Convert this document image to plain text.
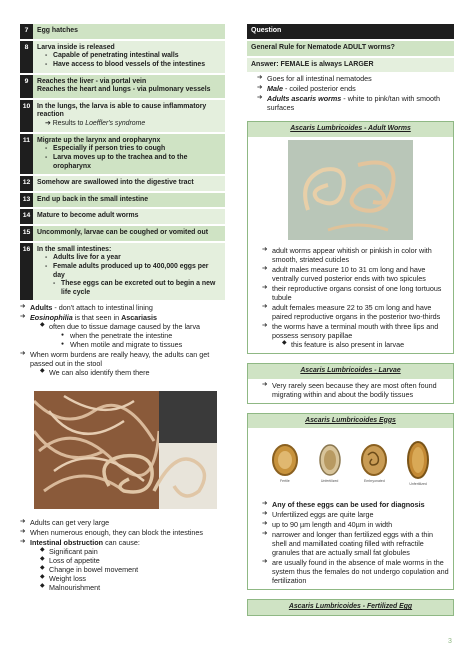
7	Egg hatches
8	Larva inside is released
- Capable of penetrating intestinal walls
- Have access to blood vessels of the intestines
9	Reaches the liver - via portal vein
Reaches the heart and lungs - via pulmonary vessels
10 In the lungs, the larva is able to cause inflammatory reaction
➔ Results to Loeffler's syndrome
11	Migrate up the larynx and oropharynx
- Especially if person tries to cough
- Larva moves up to the trachea and to the oropharynx
12 Somehow are swallowed into the digestive tract
13 End up back in the small intestine
14 Mature to become adult worms
15 Uncommonly, larvae can be coughed or vomited out
16 In the small intestines:
- Adults live for a year
- Female adults produced up to 400,000 eggs per day
- These eggs can be excreted out to begin a new life cycle
➔ Adults - don't attach to intestinal lining
➔ Eosinophilia is that seen in Ascariasis
◆ often due to tissue damage caused by the larva
● when the penetrate the intestine
● When motile and migrate to tissues
➔ When worm burdens are really heavy, the adults can get passed out in the stool
◆ We can also identify them there
➔ Adults can get very large
➔ When numerous enough, they can block the intestines
➔ Intestinal obstruction can cause:
◆ Significant pain
◆ Loss of appetite
◆ Change in bowel movement
◆ Weight loss
◆ Malnourishment
Question
General Rule for Nematode ADULT worms?
Answer: FEMALE is always LARGER
➔ Goes for all intestinal nematodes
➔ Male - coiled posterior ends
➔ Adults ascaris worms - white to pink/tan with smooth surfaces
Ascaris Lumbricoides - Adult Worms
➔ adult worms appear whitish or pinkish in color with smooth, striated cuticles
➔ adult males measure 10 to 31 cm long and have ventrally curved posterior ends with two spicules
➔ their reproductive organs consist of one long tortuous tubule
➔ adult females measure 22 to 35 cm long and have paired reproductive organs in the posterior two-thirds
➔ the worms have a terminal mouth with three lips and possess sensory papillae
◆ this feature is also present in larvae
Ascaris Lumbricoides - Larvae
➔ Very rarely seen because they are most often found migrating within and about the bodily tissues
Ascaris Lumbricoides Eggs
Fertile	Unfertilized	Embryonated
Unfertilized
➔ Any of these eggs can be used for diagnosis
➔ Unfertilized eggs are quite large
➔ up to 90 µm length and 40µm in width
➔ narrower and longer than fertilized eggs with a thin shell and mamillated coating filled with refractile granules that are actually small fat globules
➔ are usually found in the absence of male worms in the system thus the females do not undergo copulation and fertilization
Ascaris Lumbricoides - Fertilized Egg
3
